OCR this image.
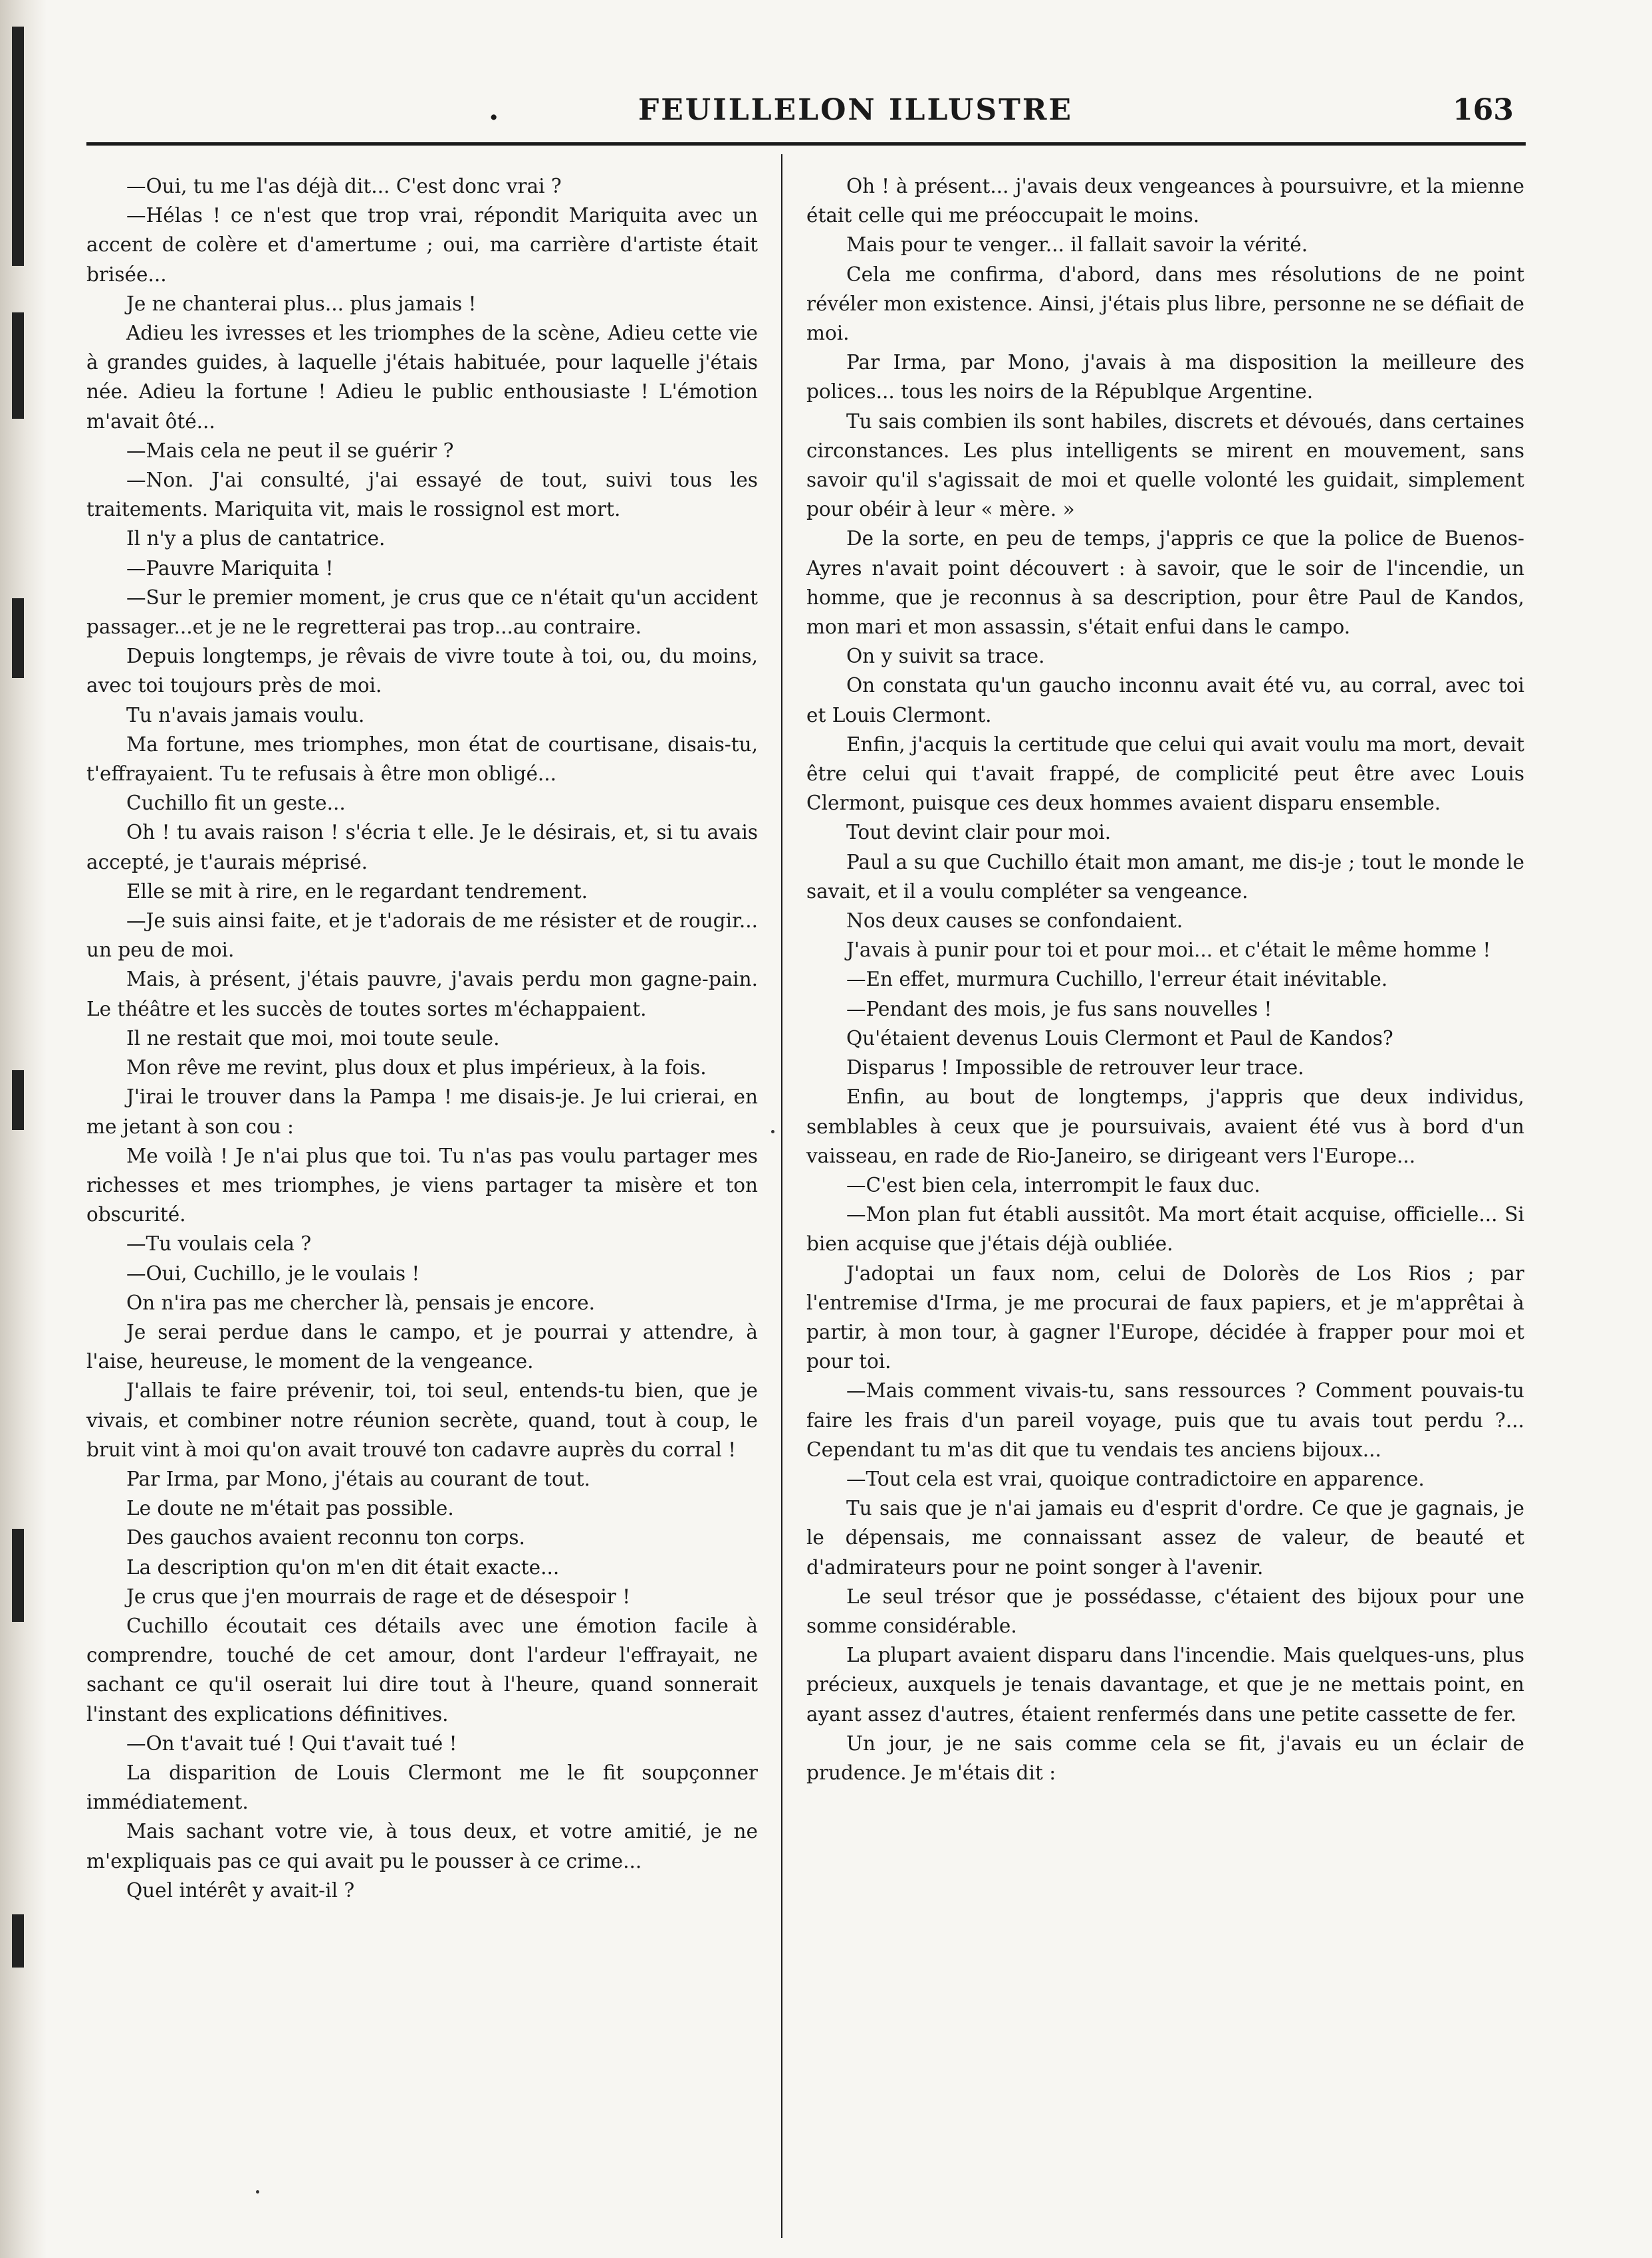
.	FEUILLELON ILLUSTRE	163

—Oui, tu me l'as déjà dit... C'est donc vrai ?

—Hélas ! ce n'est que trop vrai, répondit Mariquita avec un accent de colère et d'amertume ; oui, ma carrière d'artiste était brisée...

Je ne chanterai plus... plus jamais !

Adieu les ivresses et les triomphes de la scène, Adieu cette vie à grandes guides, à laquelle j'étais habituée, pour laquelle j'étais née. Adieu la fortune ! Adieu le public enthousiaste ! L'émotion m'avait ôté...

—Mais cela ne peut il se guérir ?

—Non. J'ai consulté, j'ai essayé de tout, suivi tous les traitements. Mariquita vit, mais le rossignol est mort.

Il n'y a plus de cantatrice.

—Pauvre Mariquita !

—Sur le premier moment, je crus que ce n'était qu'un accident passager...et je ne le regretterai pas trop...au contraire.

Depuis longtemps, je rêvais de vivre toute à toi, ou, du moins, avec toi toujours près de moi.

Tu n'avais jamais voulu.

Ma fortune, mes triomphes, mon état de courtisane, disais-tu, t'effrayaient. Tu te refusais à être mon obligé...

Cuchillo fit un geste...

Oh ! tu avais raison ! s'écria t elle. Je le désirais, et, si tu avais accepté, je t'aurais méprisé.

Elle se mit à rire, en le regardant tendrement.

—Je suis ainsi faite, et je t'adorais de me résister et de rougir... un peu de moi.

Mais, à présent, j'étais pauvre, j'avais perdu mon gagne-pain. Le théâtre et les succès de toutes sortes m'échappaient.

Il ne restait que moi, moi toute seule.

Mon rêve me revint, plus doux et plus impérieux, à la fois.

J'irai le trouver dans la Pampa ! me disais-je. Je lui crierai, en me jetant à son cou :

Me voilà ! Je n'ai plus que toi. Tu n'as pas voulu partager mes richesses et mes triomphes, je viens partager ta misère et ton obscurité.

—Tu voulais cela ?

—Oui, Cuchillo, je le voulais !

On n'ira pas me chercher là, pensais je encore.

Je serai perdue dans le campo, et je pourrai y attendre, à l'aise, heureuse, le moment de la vengeance.

J'allais te faire prévenir, toi, toi seul, entends-tu bien, que je vivais, et combiner notre réunion secrète, quand, tout à coup, le bruit vint à moi qu'on avait trouvé ton cadavre auprès du corral !

Par Irma, par Mono, j'étais au courant de tout.

Le doute ne m'était pas possible.

Des gauchos avaient reconnu ton corps.

La description qu'on m'en dit était exacte...

Je crus que j'en mourrais de rage et de désespoir !

Cuchillo écoutait ces détails avec une émotion facile à comprendre, touché de cet amour, dont l'ardeur l'effrayait, ne sachant ce qu'il oserait lui dire tout à l'heure, quand sonnerait l'instant des explications définitives.

—On t'avait tué ! Qui t'avait tué !

La disparition de Louis Clermont me le fit soupçonner immédiatement.

Mais sachant votre vie, à tous deux, et votre amitié, je ne m'expliquais pas ce qui avait pu le pousser à ce crime...

Quel intérêt y avait-il ?

Oh ! à présent... j'avais deux vengeances à poursuivre, et la mienne était celle qui me préoccupait le moins.

Mais pour te venger... il fallait savoir la vérité.

Cela me confirma, d'abord, dans mes résolutions de ne point révéler mon existence. Ainsi, j'étais plus libre, personne ne se défiait de moi.

Par Irma, par Mono, j'avais à ma disposition la meilleure des polices... tous les noirs de la Républque Argentine.

Tu sais combien ils sont habiles, discrets et dévoués, dans certaines circonstances. Les plus intelligents se mirent en mouvement, sans savoir qu'il s'agissait de moi et quelle volonté les guidait, simplement pour obéir à leur « mère. »

De la sorte, en peu de temps, j'appris ce que la police de Buenos-Ayres n'avait point découvert : à savoir, que le soir de l'incendie, un homme, que je reconnus à sa description, pour être Paul de Kandos, mon mari et mon assassin, s'était enfui dans le campo.

On y suivit sa trace.

On constata qu'un gaucho inconnu avait été vu, au corral, avec toi et Louis Clermont.

Enfin, j'acquis la certitude que celui qui avait voulu ma mort, devait être celui qui t'avait frappé, de complicité peut être avec Louis Clermont, puisque ces deux hommes avaient disparu ensemble.

Tout devint clair pour moi.

Paul a su que Cuchillo était mon amant, me dis-je ; tout le monde le savait, et il a voulu compléter sa vengeance.

Nos deux causes se confondaient.

J'avais à punir pour toi et pour moi... et c'était le même homme !

—En effet, murmura Cuchillo, l'erreur était inévitable.

—Pendant des mois, je fus sans nouvelles !

Qu'étaient devenus Louis Clermont et Paul de Kandos?

Disparus ! Impossible de retrouver leur trace.

Enfin, au bout de longtemps, j'appris que deux individus, semblables à ceux que je poursuivais, avaient été vus à bord d'un vaisseau, en rade de Rio-Janeiro, se dirigeant vers l'Europe...

—C'est bien cela, interrompit le faux duc.

—Mon plan fut établi aussitôt. Ma mort était acquise, officielle... Si bien acquise que j'étais déjà oubliée.

J'adoptai un faux nom, celui de Dolorès de Los Rios ; par l'entremise d'Irma, je me procurai de faux papiers, et je m'apprêtai à partir, à mon tour, à gagner l'Europe, décidée à frapper pour moi et pour toi.

—Mais comment vivais-tu, sans ressources ? Comment pouvais-tu faire les frais d'un pareil voyage, puis que tu avais tout perdu ?... Cependant tu m'as dit que tu vendais tes anciens bijoux...

—Tout cela est vrai, quoique contradictoire en apparence.

Tu sais que je n'ai jamais eu d'esprit d'ordre. Ce que je gagnais, je le dépensais, me connaissant assez de valeur, de beauté et d'admirateurs pour ne point songer à l'avenir.

Le seul trésor que je possédasse, c'étaient des bijoux pour une somme considérable.

La plupart avaient disparu dans l'incendie. Mais quelques-uns, plus précieux, auxquels je tenais davantage, et que je ne mettais point, en ayant assez d'autres, étaient renfermés dans une petite cassette de fer.

Un jour, je ne sais comme cela se fit, j'avais eu un éclair de prudence. Je m'étais dit :
